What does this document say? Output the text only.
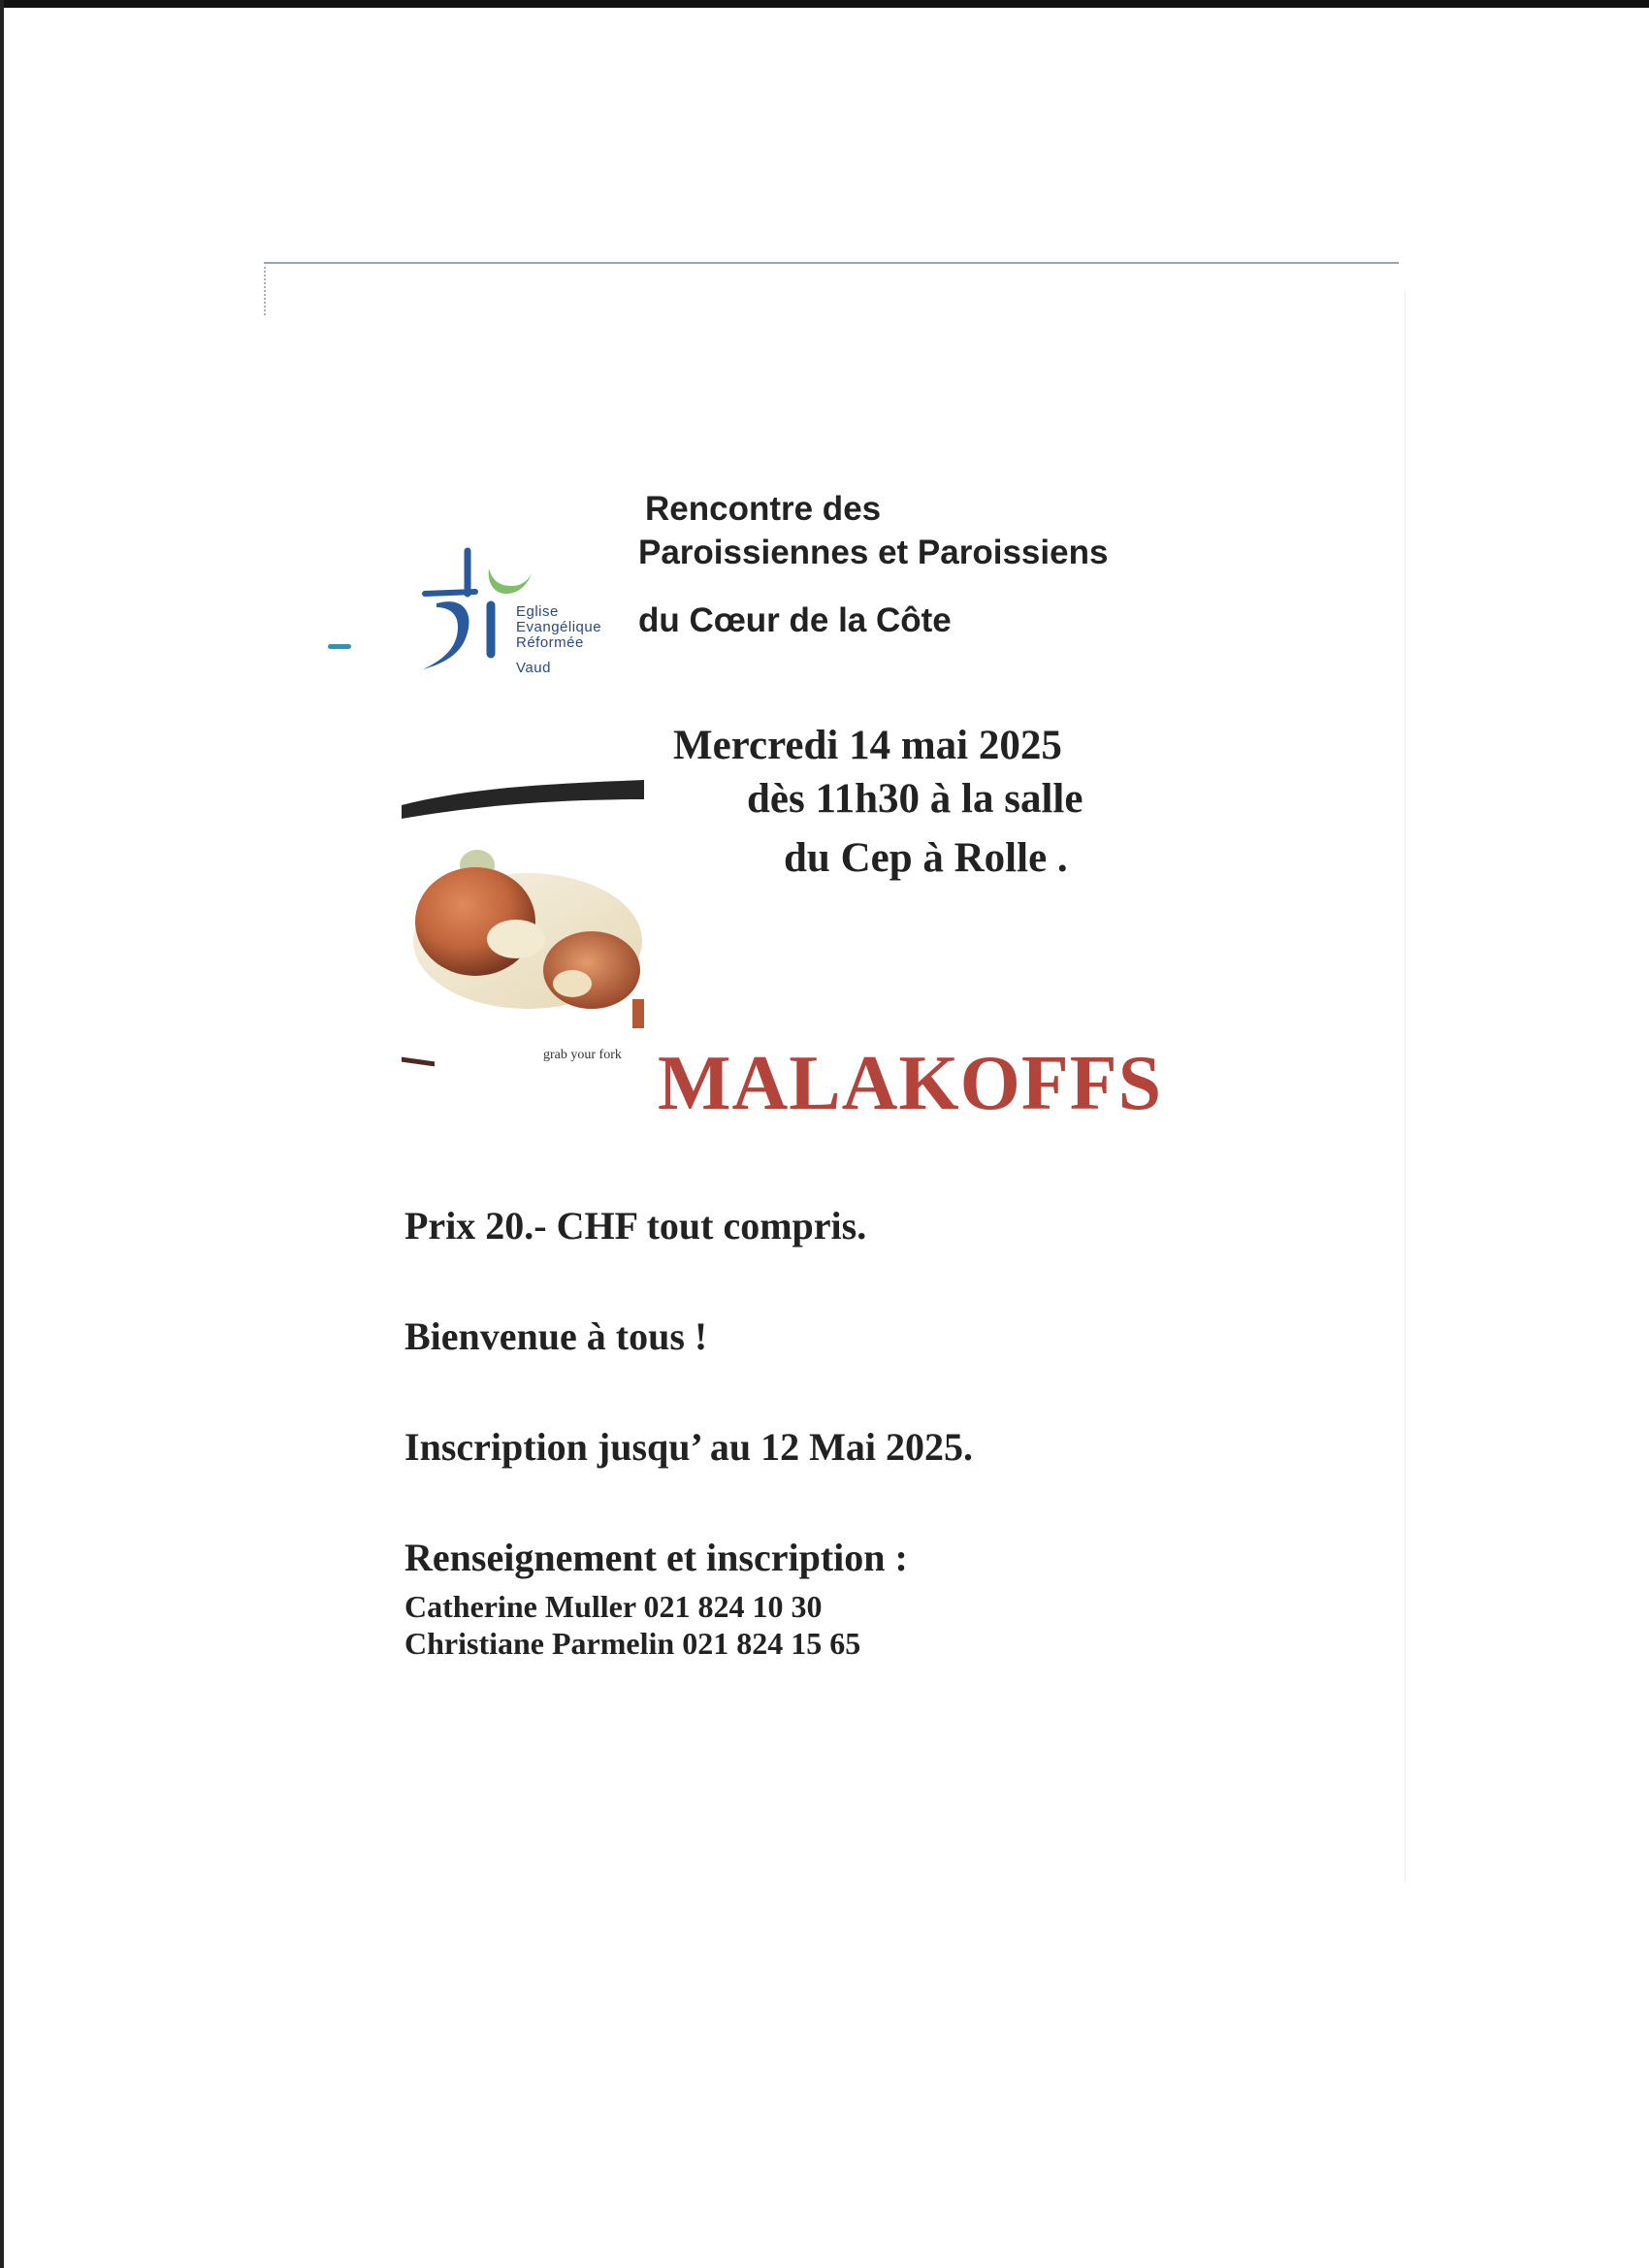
Eglise
Evangélique
Réformée
Vaud
Rencontre des
Paroissiennes et Paroissiens
du Cœur de la Côte
Mercredi 14 mai 2025
dès 11h30 à la salle
du Cep à Rolle .
grab your fork MALAKOFFS
Prix 20.- CHF tout compris.
Bienvenue à tous !
Inscription jusqu’ au 12 Mai 2025.
Renseignement et inscription :
Catherine Muller 021 824 10 30
Christiane Parmelin 021 824 15 65
